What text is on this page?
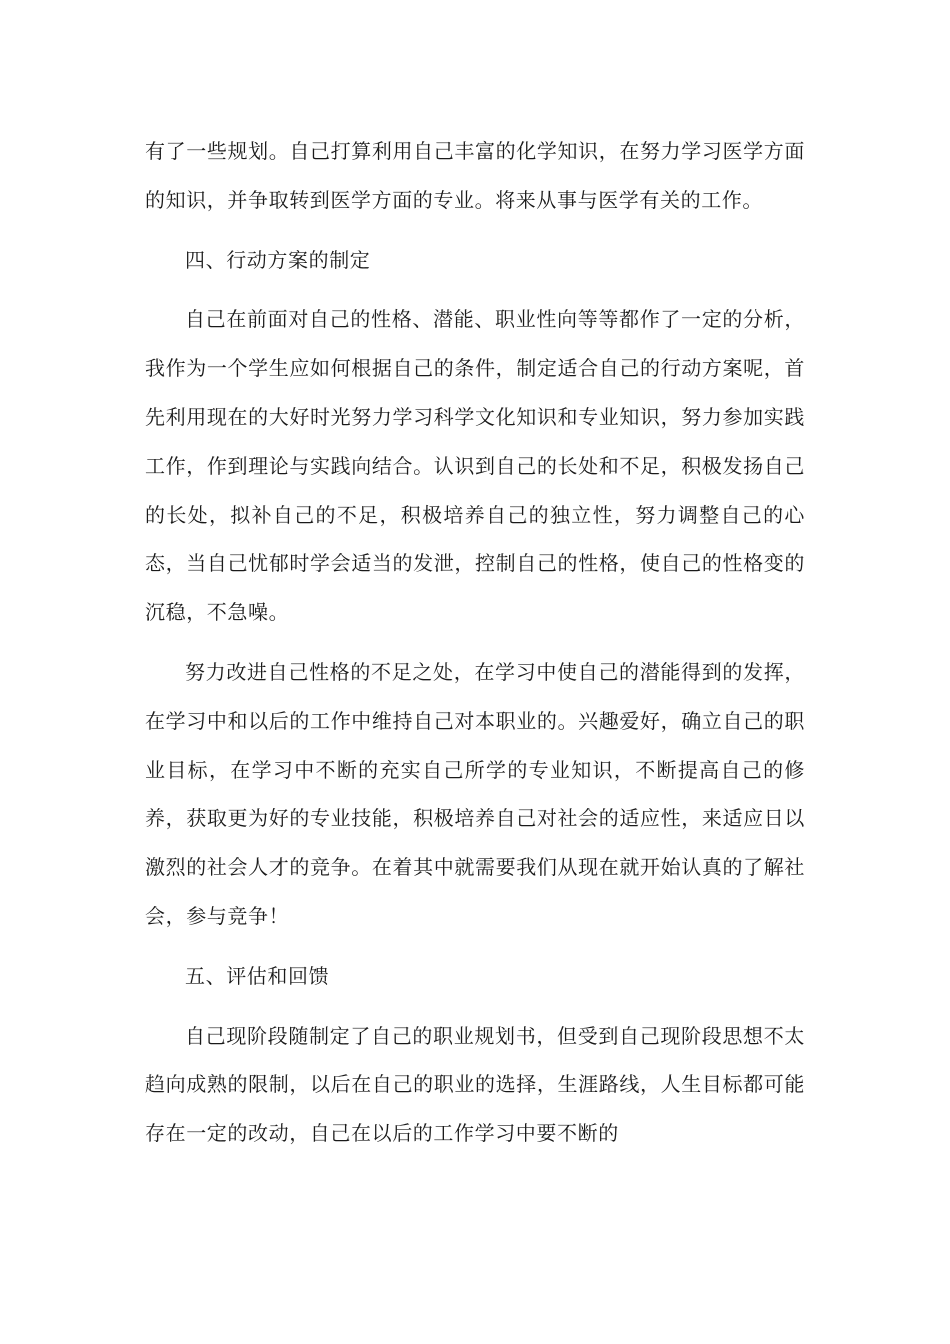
有了一些规划。自己打算利用自己丰富的化学知识，在努力学习医学方面的知识，并争取转到医学方面的专业。将来从事与医学有关的工作。

四、行动方案的制定

自己在前面对自己的性格、潜能、职业性向等等都作了一定的分析，我作为一个学生应如何根据自己的条件，制定适合自己的行动方案呢，首先利用现在的大好时光努力学习科学文化知识和专业知识，努力参加实践工作，作到理论与实践向结合。认识到自己的长处和不足，积极发扬自己的长处，拟补自己的不足，积极培养自己的独立性，努力调整自己的心态，当自己忧郁时学会适当的发泄，控制自己的性格，使自己的性格变的沉稳，不急噪。

努力改进自己性格的不足之处，在学习中使自己的潜能得到的发挥，在学习中和以后的工作中维持自己对本职业的。兴趣爱好，确立自己的职业目标，在学习中不断的充实自己所学的专业知识，不断提高自己的修养，获取更为好的专业技能，积极培养自己对社会的适应性，来适应日以激烈的社会人才的竞争。在着其中就需要我们从现在就开始认真的了解社会，参与竞争！

五、评估和回馈

自己现阶段随制定了自己的职业规划书，但受到自己现阶段思想不太趋向成熟的限制，以后在自己的职业的选择，生涯路线，人生目标都可能存在一定的改动，自己在以后的工作学习中要不断的
